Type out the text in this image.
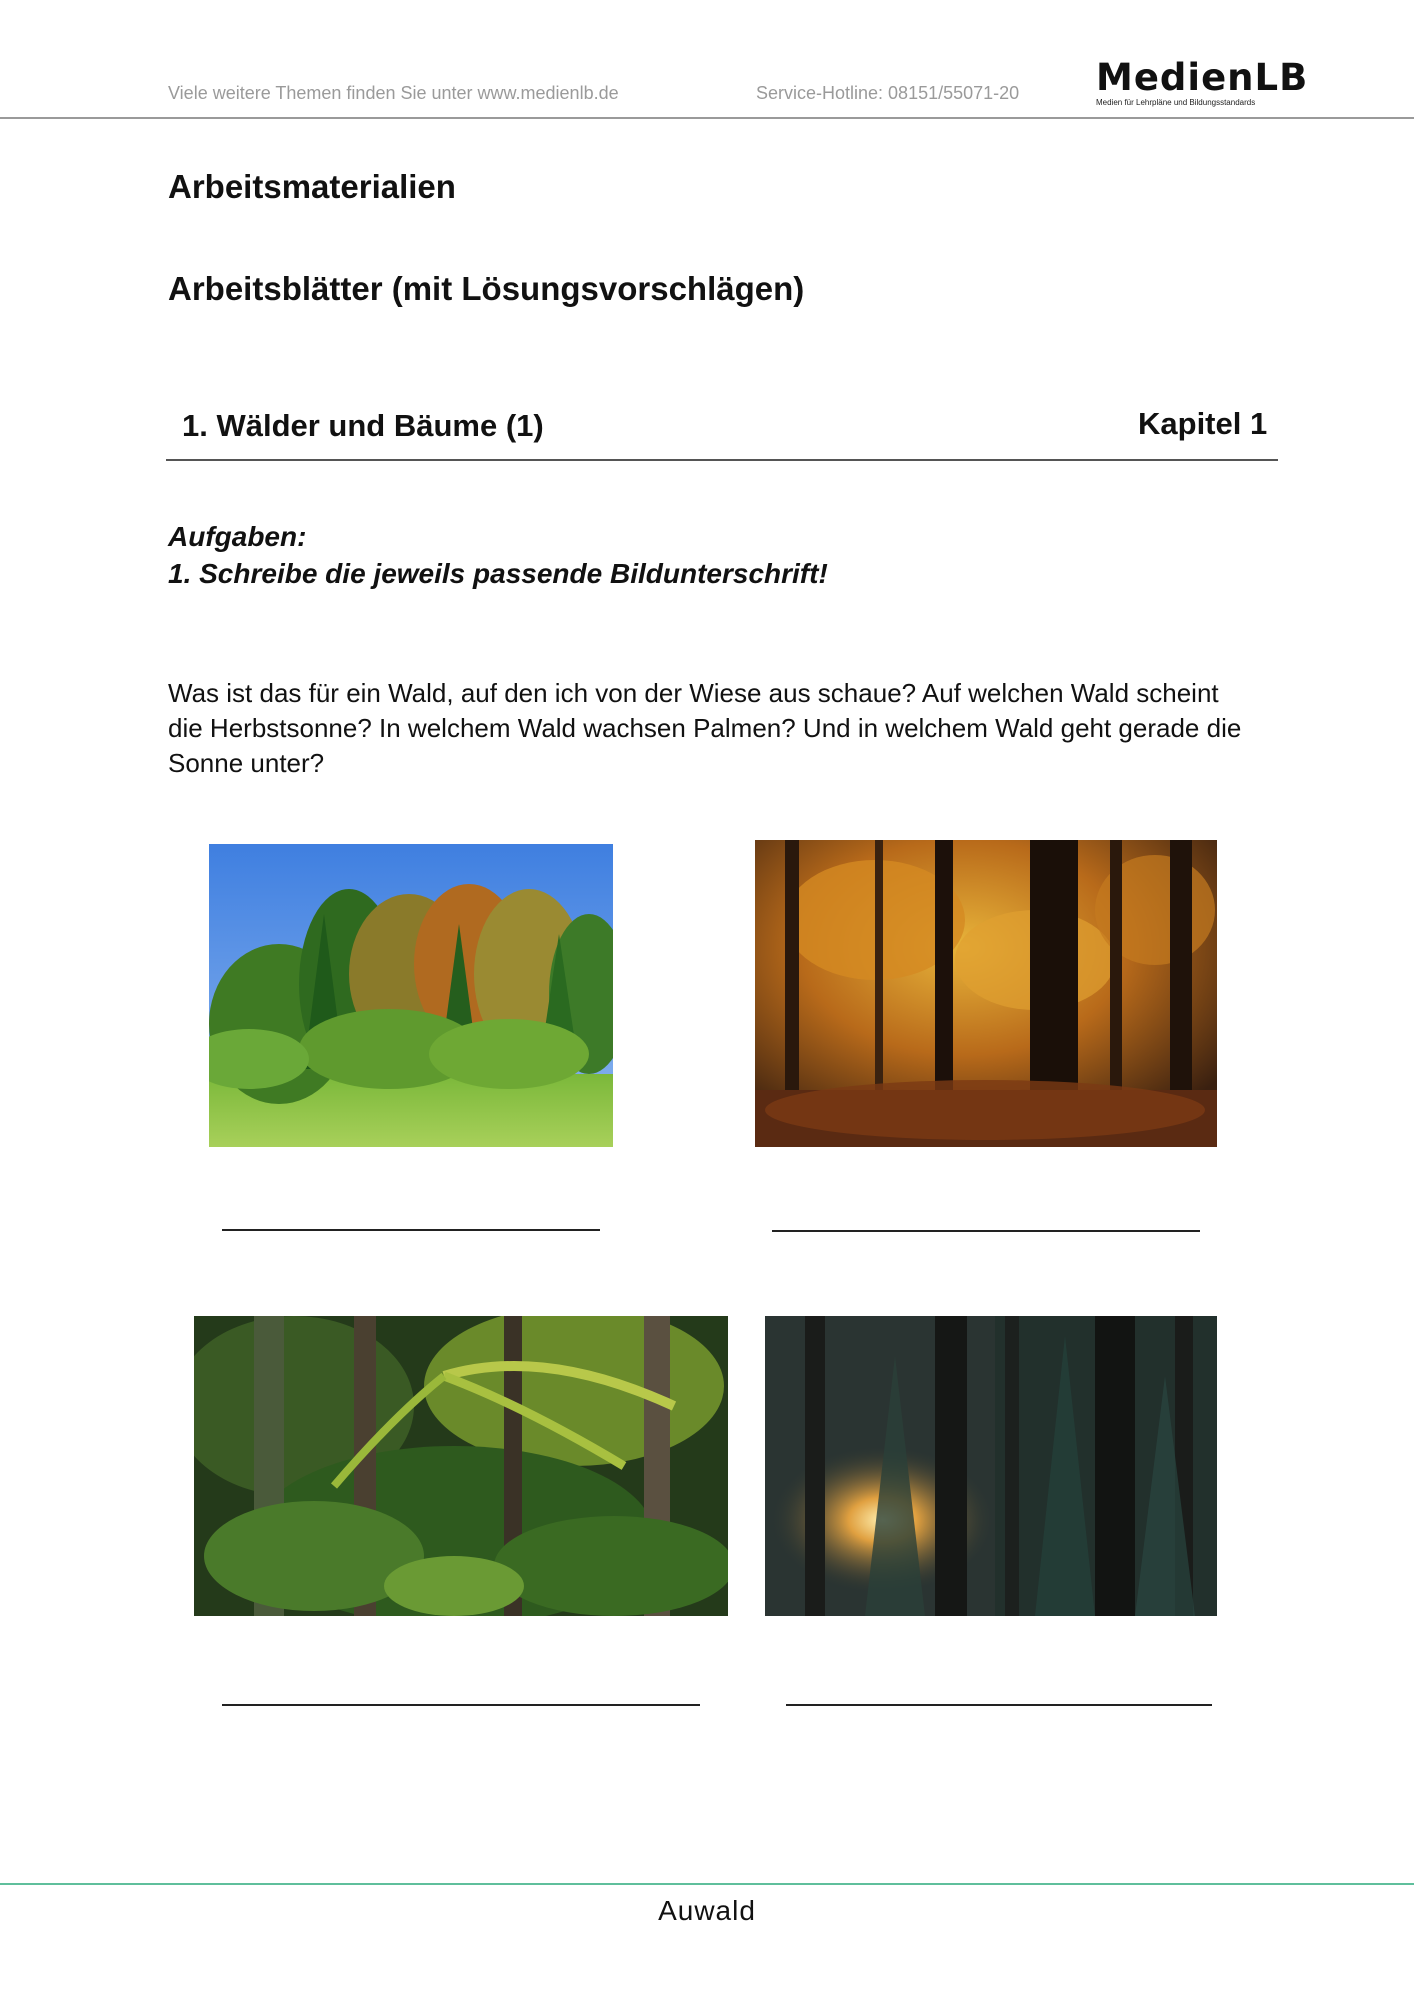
Viele weitere Themen finden Sie unter www.medienlb.de	Service-Hotline: 08151/55071-20 MedienLB
Medien für Lehrpläne und Bildungsstandards
Arbeitsmaterialien
Arbeitsblätter (mit Lösungsvorschlägen)
1. Wälder und Bäume (1)	Kapitel 1
Aufgaben:
1. Schreibe die jeweils passende Bildunterschrift!
Was ist das für ein Wald, auf den ich von der Wiese aus schaue? Auf welchen Wald scheint die Herbstsonne? In welchem Wald wachsen Palmen? Und in welchem Wald geht gerade die Sonne unter?
Auwald
